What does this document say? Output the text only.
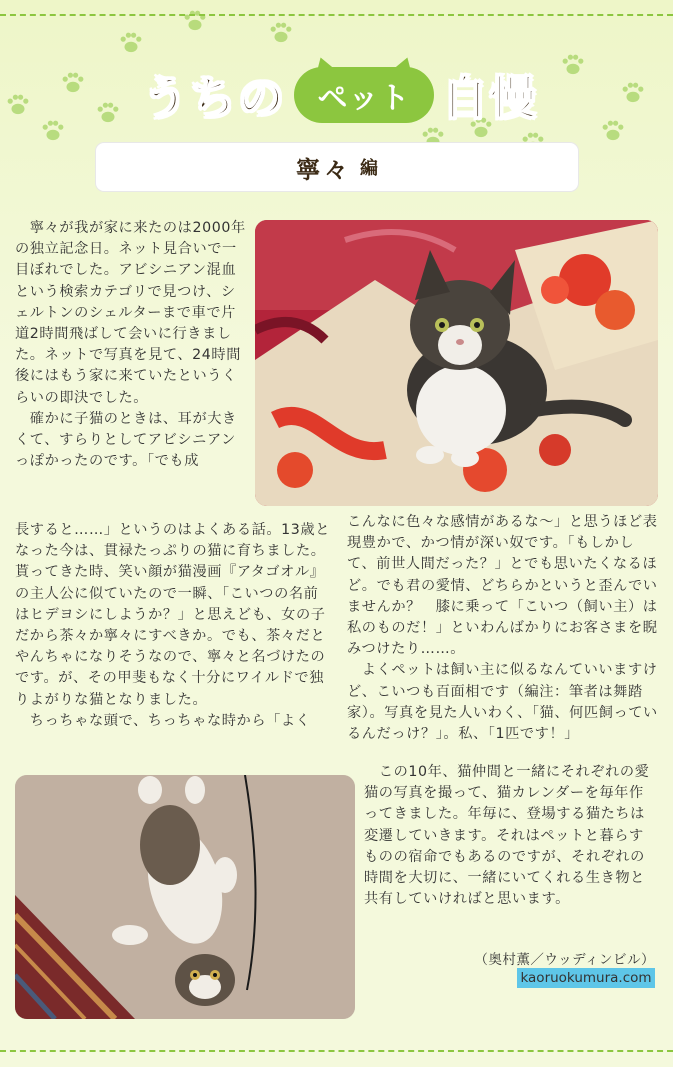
うちの ペット 自慢
寧々 編

　寧々が我が家に来たのは2000年の独立記念日。ネット見合いで一目ぼれでした。アビシニアン混血という検索カテゴリで見つけ、シェルトンのシェルターまで車で片道2時間飛ばして会いに行きました。ネットで写真を見て、24時間後にはもう家に来ていたというくらいの即決でした。
　確かに子猫のときは、耳が大きくて、すらりとしてアビシニアンっぽかったのです。「でも成

長すると……」というのはよくある話。13歳となった今は、貫禄たっぷりの猫に育ちました。貰ってきた時、笑い顔が猫漫画『アタゴオル』の主人公に似ていたので一瞬、「こいつの名前はヒデヨシにしようか？」と思えども、女の子だから茶々か寧々にすべきか。でも、茶々だとやんちゃになりそうなので、寧々と名づけたのです。が、その甲斐もなく十分にワイルドで独りよがりな猫となりました。
　ちっちゃな頭で、ちっちゃな時から「よく

こんなに色々な感情があるな～」と思うほど表現豊かで、かつ情が深い奴です。「もしかして、前世人間だった？」とでも思いたくなるほど。でも君の愛情、どちらかというと歪んでいませんか？　膝に乗って「こいつ（飼い主）は私のものだ！」といわんばかりにお客さまを睨みつけたり……。
　よくペットは飼い主に似るなんていいますけど、こいつも百面相です（編注：筆者は舞踏家）。写真を見た人いわく、「猫、何匹飼っているんだっけ？」。私、「1匹です！」

　この10年、猫仲間と一緒にそれぞれの愛猫の写真を撮って、猫カレンダーを毎年作ってきました。年毎に、登場する猫たちは変遷していきます。それはペットと暮らすものの宿命でもあるのですが、それぞれの時間を大切に、一緒にいてくれる生き物と共有していければと思います。

（奥村薫／ウッディンビル）
kaoruokumura.com
